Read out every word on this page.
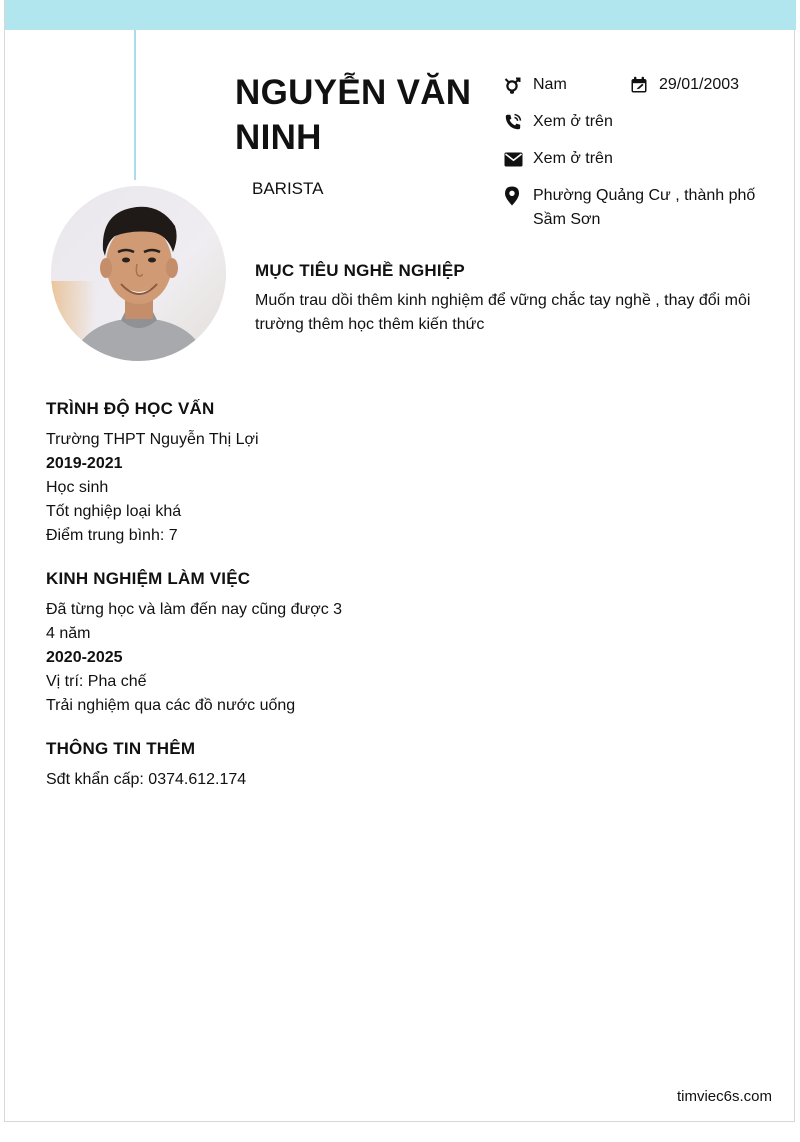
NGUYỄN VĂN NINH

BARISTA

Nam	29/01/2003
Xem ở trên
Xem ở trên
Phường Quảng Cư , thành phố
Sầm Sơn
MỤC TIÊU NGHỀ NGHIỆP

Muốn trau dồi thêm kinh nghiệm để vững chắc tay nghề , thay đổi môi

trường thêm học thêm kiến thức

TRÌNH ĐỘ HỌC VẤN

Trường THPT Nguyễn Thị Lợi

2019-2021

Học sinh

Tốt nghiệp loại khá

Điểm trung bình: 7

KINH NGHIỆM LÀM VIỆC

Đã từng học và làm đến nay cũng được 3

4 năm

2020-2025

Vị trí: Pha chế

Trải nghiệm qua các đồ nước uống

THÔNG TIN THÊM

Sđt khẩn cấp: 0374.612.174

timviec6s.com
